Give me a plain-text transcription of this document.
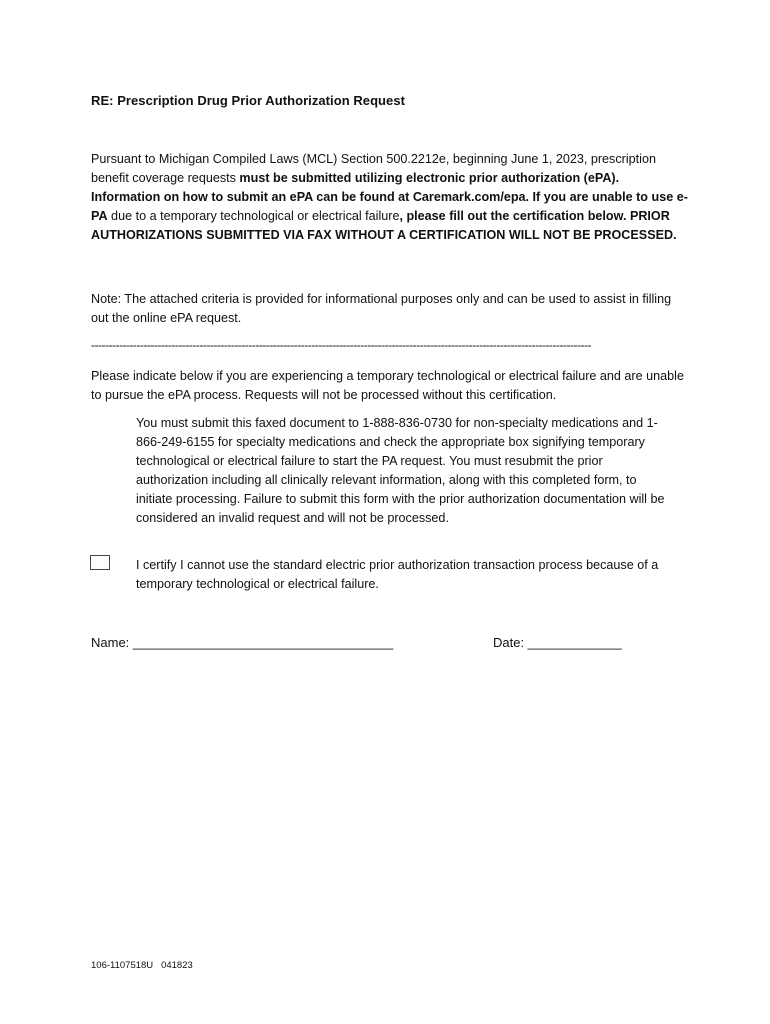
RE: Prescription Drug Prior Authorization Request
Pursuant to Michigan Compiled Laws (MCL) Section 500.2212e, beginning June 1, 2023, prescription benefit coverage requests must be submitted utilizing electronic prior authorization (ePA). Information on how to submit an ePA can be found at Caremark.com/epa. If you are unable to use e-PA due to a temporary technological or electrical failure, please fill out the certification below. PRIOR AUTHORIZATIONS SUBMITTED VIA FAX WITHOUT A CERTIFICATION WILL NOT BE PROCESSED.
Note: The attached criteria is provided for informational purposes only and can be used to assist in filling out the online ePA request.
-----------------------------------------------------------------------------------------------------------------------------------------------
Please indicate below if you are experiencing a temporary technological or electrical failure and are unable to pursue the ePA process. Requests will not be processed without this certification.
You must submit this faxed document to 1-888-836-0730 for non-specialty medications and 1-866-249-6155 for specialty medications and check the appropriate box signifying temporary technological or electrical failure to start the PA request. You must resubmit the prior authorization including all clinically relevant information, along with this completed form, to initiate processing. Failure to submit this form with the prior authorization documentation will be considered an invalid request and will not be processed.
I certify I cannot use the standard electric prior authorization transaction process because of a temporary technological or electrical failure.
Name: ____________________________________	Date: _____________
106-1107518U   041823
